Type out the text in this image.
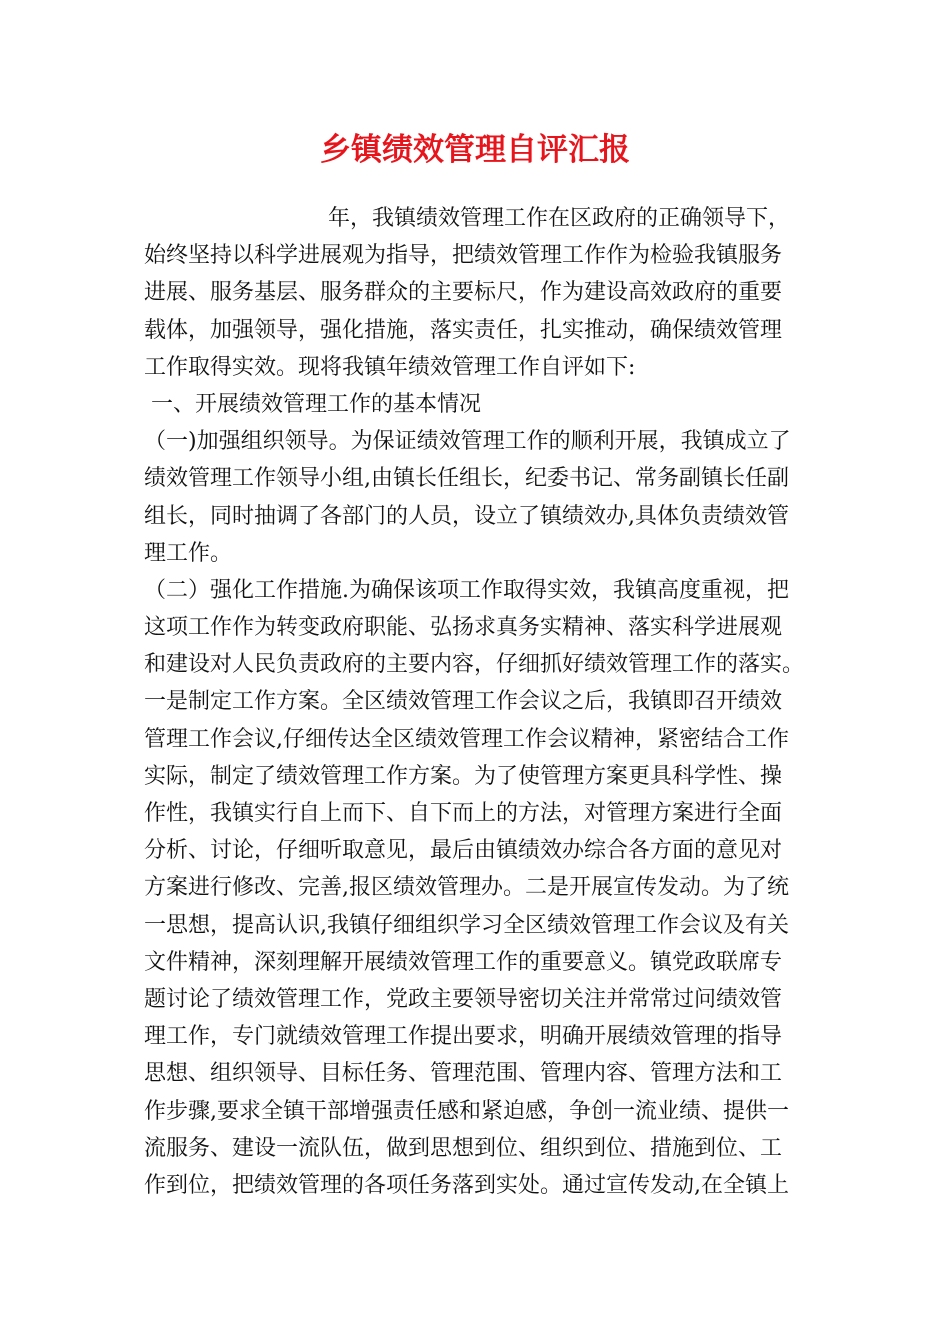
乡镇绩效管理自评汇报
年，我镇绩效管理工作在区政府的正确领导下，
始终坚持以科学进展观为指导，把绩效管理工作作为检验我镇服务
进展、服务基层、服务群众的主要标尺，作为建设高效政府的重要
载体，加强领导，强化措施，落实责任，扎实推动，确保绩效管理
工作取得实效。现将我镇年绩效管理工作自评如下:
一、开展绩效管理工作的基本情况
（一)加强组织领导。为保证绩效管理工作的顺利开展，我镇成立了
绩效管理工作领导小组,由镇长任组长，纪委书记、常务副镇长任副
组长，同时抽调了各部门的人员，设立了镇绩效办,具体负责绩效管
理工作。
（二）强化工作措施.为确保该项工作取得实效，我镇高度重视，把
这项工作作为转变政府职能、弘扬求真务实精神、落实科学进展观
和建设对人民负责政府的主要内容，仔细抓好绩效管理工作的落实。
一是制定工作方案。全区绩效管理工作会议之后，我镇即召开绩效
管理工作会议,仔细传达全区绩效管理工作会议精神，紧密结合工作
实际，制定了绩效管理工作方案。为了使管理方案更具科学性、操
作性，我镇实行自上而下、自下而上的方法，对管理方案进行全面
分析、讨论，仔细听取意见，最后由镇绩效办综合各方面的意见对
方案进行修改、完善,报区绩效管理办。二是开展宣传发动。为了统
一思想，提高认识,我镇仔细组织学习全区绩效管理工作会议及有关
文件精神，深刻理解开展绩效管理工作的重要意义。镇党政联席专
题讨论了绩效管理工作，党政主要领导密切关注并常常过问绩效管
理工作，专门就绩效管理工作提出要求，明确开展绩效管理的指导
思想、组织领导、目标任务、管理范围、管理内容、管理方法和工
作步骤,要求全镇干部增强责任感和紧迫感，争创一流业绩、提供一
流服务、建设一流队伍，做到思想到位、组织到位、措施到位、工
作到位，把绩效管理的各项任务落到实处。通过宣传发动,在全镇上
